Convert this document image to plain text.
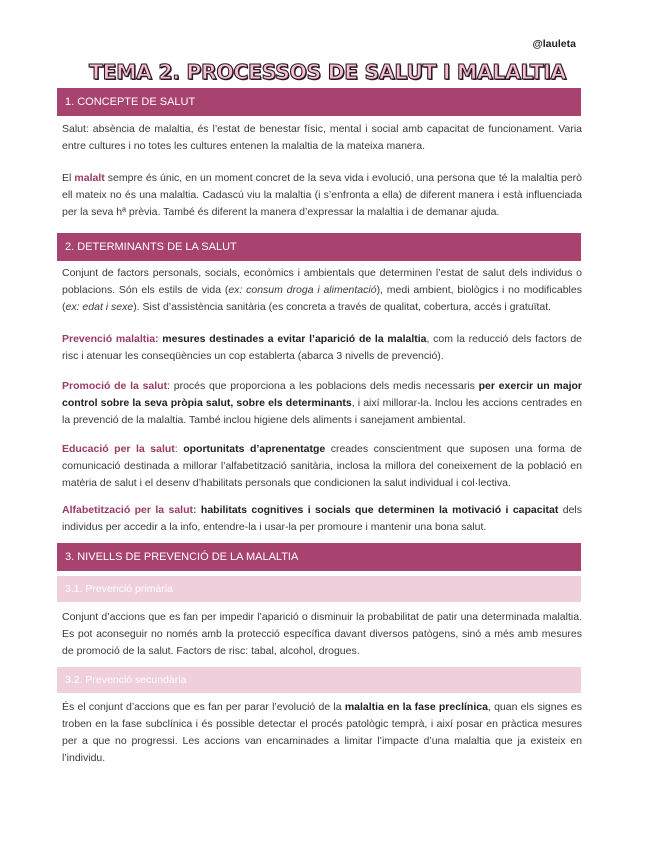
@lauleta
TEMA 2. PROCESSOS DE SALUT I MALALTIA
1. CONCEPTE DE SALUT

Salut: absència de malaltia, és l’estat de benestar físic, mental i social amb capacitat de funcionament. Varia entre cultures i no totes les cultures entenen la malaltia de la mateixa manera.

El malalt sempre és únic, en un moment concret de la seva vida i evolució, una persona que té la malaltia però ell mateix no és una malaltia. Cadascú viu la malaltia (i s’enfronta a ella) de diferent manera i està influenciada per la seva hª prèvia. També és diferent la manera d’expressar la malaltia i de demanar ajuda.

2. DETERMINANTS DE LA SALUT

Conjunt de factors personals, socials, econòmics i ambientals que determinen l’estat de salut dels individus o poblacions. Són els estils de vida (ex: consum droga i alimentació), medi ambient, biològics i no modificables (ex: edat i sexe). Sist d’assistència sanitària (es concreta a través de qualitat, cobertura, accés i gratuïtat.

Prevenció malaltia: mesures destinades a evitar l’aparició de la malaltia, com la reducció dels factors de risc i atenuar les conseqüències un cop establerta (abarca 3 nivells de prevenció).

Promoció de la salut: procés que proporciona a les poblacions dels medis necessaris per exercir un major control sobre la seva pròpia salut, sobre els determinants, i així millorar-la. Inclou les accions centrades en la prevenció de la malaltia. També inclou higiene dels aliments i sanejament ambiental.

Educació per la salut: oportunitats d’aprenentatge creades conscientment que suposen una forma de comunicació destinada a millorar l’alfabetització sanitària, inclosa la millora del coneixement de la població en matèria de salut i el desenv d’habilitats personals que condicionen la salut individual i col·lectiva.

Alfabetització per la salut: habilitats cognitives i socials que determinen la motivació i capacitat dels individus per accedir a la info, entendre-la i usar-la per promoure i mantenir una bona salut.

3. NIVELLS DE PREVENCIÓ DE LA MALALTIA
3.1. Prevenció primària

Conjunt d’accions que es fan per impedir l’aparició o disminuir la probabilitat de patir una determinada malaltia. Es pot aconseguir no només amb la protecció específica davant diversos patògens, sinó a més amb mesures de promoció de la salut. Factors de risc: tabal, alcohol, drogues.

3.2. Prevenció secundària

És el conjunt d’accions que es fan per parar l’evolució de la malaltia en la fase preclínica, quan els signes es troben en la fase subclínica i és possible detectar el procés patològic temprà, i així posar en pràctica mesures per a que no progressi. Les accions van encaminades a limitar l’impacte d’una malaltia que ja existeix en l’individu.
